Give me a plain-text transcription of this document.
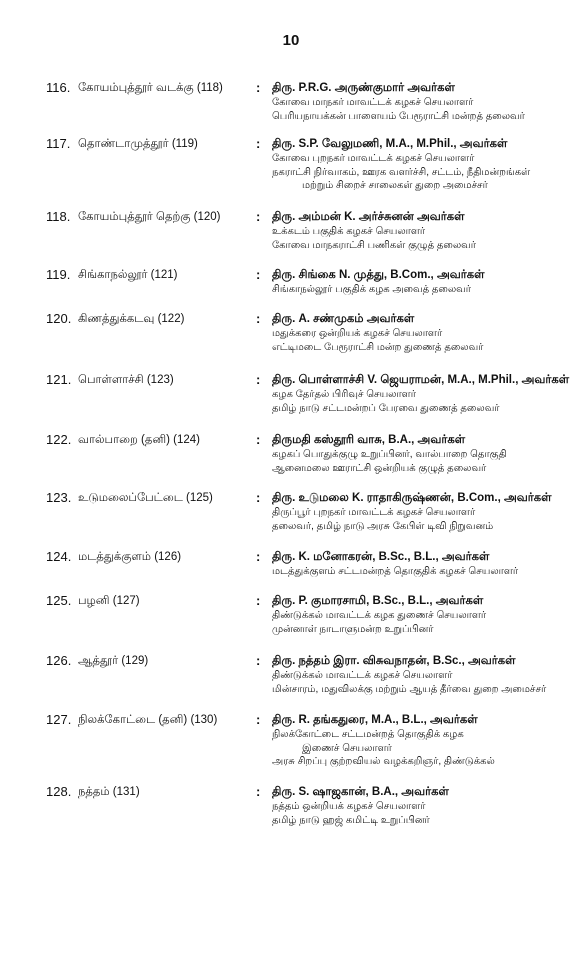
10
116. கோயம்புத்தூர் வடக்கு (118)	: திரு. P.R.G. அருண்குமார் அவர்கள்
கோவை மாநகர் மாவட்டக் கழகச் செயலாளர்
பெரியநாயக்கன் பாளையம் பேரூராட்சி மன்றத் தலைவர்
117. தொண்டாமுத்தூர் (119)	: திரு. S.P. வேலுமணி, M.A., M.Phil., அவர்கள்
கோவை புறநகர் மாவட்டக் கழகச் செயலாளர்
நகராட்சி நிர்வாகம், ஊரக வளர்ச்சி, சட்டம், நீதிமன்றங்கள்
மற்றும் சிறைச் சாலைகள் துறை அமைச்சர்
118. கோயம்புத்தூர் தெற்கு (120)	: திரு. அம்மன் K. அர்ச்சுனன் அவர்கள்
உக்கடம் பகுதிக் கழகச் செயலாளர்
கோவை மாநகராட்சி பணிகள் குழுத் தலைவர்
119. சிங்காநல்லூர் (121)	: திரு. சிங்கை N. முத்து, B.Com., அவர்கள்
சிங்காநல்லூர் பகுதிக் கழக அவைத் தலைவர்
120. கிணத்துக்கடவு (122)	: திரு. A. சண்முகம் அவர்கள்
மதுக்கரை ஒன்றியக் கழகச் செயலாளர்
எட்டிமடை பேரூராட்சி மன்ற துணைத் தலைவர்
121. பொள்ளாச்சி (123)	: திரு. பொள்ளாச்சி V. ஜெயராமன், M.A., M.Phil., அவர்கள்
கழக தேர்தல் பிரிவுச் செயலாளர்
தமிழ் நாடு சட்டமன்றப் பேரவை துணைத் தலைவர்
122. வால்பாறை (தனி) (124)	: திருமதி கஸ்தூரி வாசு, B.A., அவர்கள்
கழகப் பொதுக்குழு உறுப்பினர், வால்பாறை தொகுதி
ஆனைமலை ஊராட்சி ஒன்றியக் குழுத் தலைவர்
123. உடுமலைப்பேட்டை (125)	: திரு. உடுமலை K. ராதாகிருஷ்ணன், B.Com., அவர்கள்
திருப்பூர் புறநகர் மாவட்டக் கழகச் செயலாளர்
தலைவர், தமிழ் நாடு அரசு கேபிள் டிவி நிறுவனம்
124. மடத்துக்குளம் (126)	: திரு. K. மனோகரன், B.Sc., B.L., அவர்கள்
மடத்துக்குளம் சட்டமன்றத் தொகுதிக் கழகச் செயலாளர்
125. பழனி (127)	: திரு. P. குமாரசாமி, B.Sc., B.L., அவர்கள்
திண்டுக்கல் மாவட்டக் கழக துணைச் செயலாளர்
முன்னாள் நாடாளுமன்ற உறுப்பினர்
126. ஆத்தூர் (129)	: திரு. நத்தம் இரா. விசுவநாதன், B.Sc., அவர்கள்
திண்டுக்கல் மாவட்டக் கழகச் செயலாளர்
மின்சாரம், மதுவிலக்கு மற்றும் ஆயத் தீர்வை துறை அமைச்சர்
127. நிலக்கோட்டை (தனி) (130)	: திரு. R. தங்கதுரை, M.A., B.L., அவர்கள்
நிலக்கோட்டை சட்டமன்றத் தொகுதிக் கழக
இணைச் செயலாளர்
அரசு சிறப்பு குற்றவியல் வழக்கறிஞர், திண்டுக்கல்
128. நத்தம் (131)	: திரு. S. ஷாஜகான், B.A., அவர்கள்
நத்தம் ஒன்றியக் கழகச் செயலாளர்
தமிழ் நாடு ஹஜ் கமிட்டி உறுப்பினர்
